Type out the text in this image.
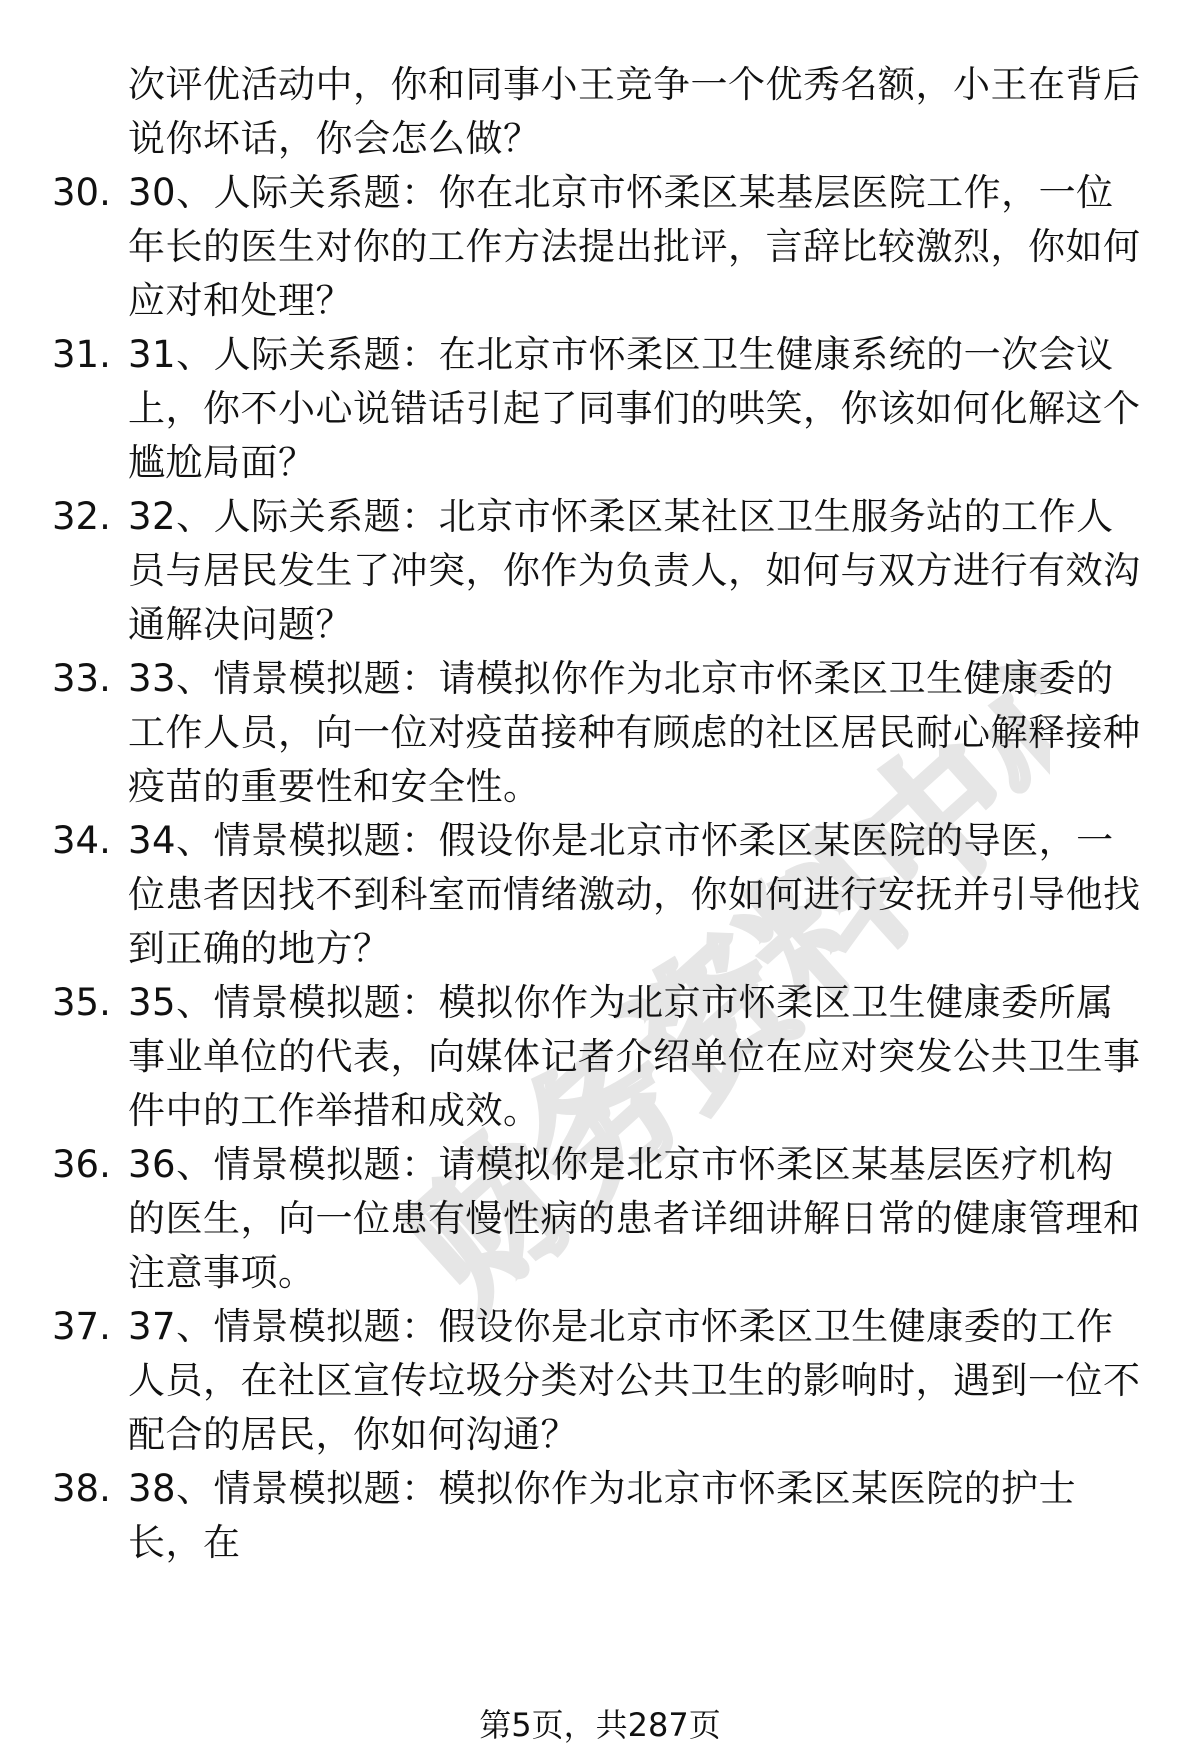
财务资料中心
次评优活动中，你和同事小王竞争一个优秀名额，小王在背后说你坏话，你会怎么做？
30. 30、人际关系题：你在北京市怀柔区某基层医院工作，一位年长的医生对你的工作方法提出批评，言辞比较激烈，你如何应对和处理？
31. 31、人际关系题：在北京市怀柔区卫生健康系统的一次会议上，你不小心说错话引起了同事们的哄笑，你该如何化解这个尴尬局面？
32. 32、人际关系题：北京市怀柔区某社区卫生服务站的工作人员与居民发生了冲突，你作为负责人，如何与双方进行有效沟通解决问题？
33. 33、情景模拟题：请模拟你作为北京市怀柔区卫生健康委的工作人员，向一位对疫苗接种有顾虑的社区居民耐心解释接种疫苗的重要性和安全性。
34. 34、情景模拟题：假设你是北京市怀柔区某医院的导医，一位患者因找不到科室而情绪激动，你如何进行安抚并引导他找到正确的地方？
35. 35、情景模拟题：模拟你作为北京市怀柔区卫生健康委所属事业单位的代表，向媒体记者介绍单位在应对突发公共卫生事件中的工作举措和成效。
36. 36、情景模拟题：请模拟你是北京市怀柔区某基层医疗机构的医生，向一位患有慢性病的患者详细讲解日常的健康管理和注意事项。
37. 37、情景模拟题：假设你是北京市怀柔区卫生健康委的工作人员，在社区宣传垃圾分类对公共卫生的影响时，遇到一位不配合的居民，你如何沟通？
38. 38、情景模拟题：模拟你作为北京市怀柔区某医院的护士长，在
第5页，共287页
